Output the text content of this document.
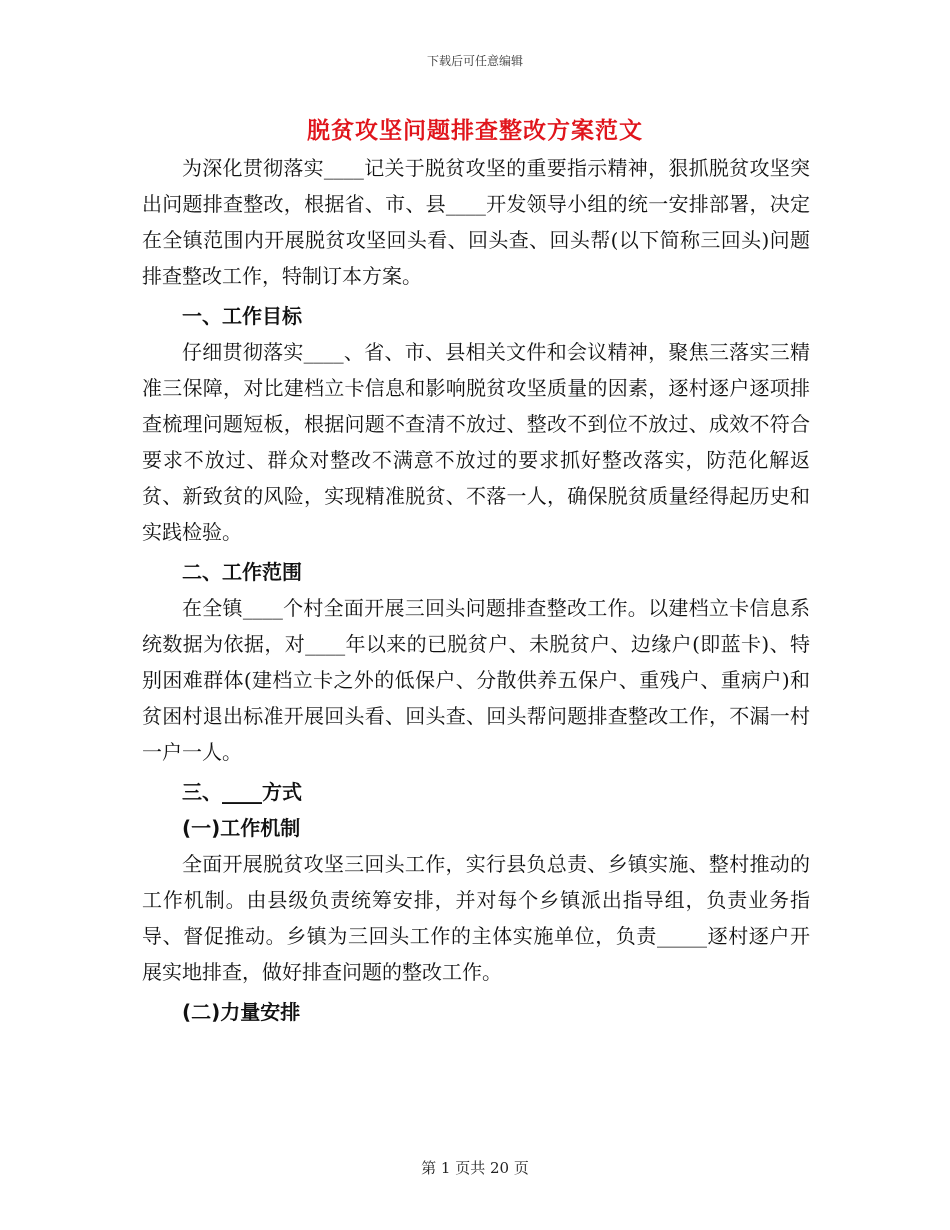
下载后可任意编辑
脱贫攻坚问题排查整改方案范文

为深化贯彻落实____记关于脱贫攻坚的重要指示精神，狠抓脱贫攻坚突出问题排查整改，根据省、市、县____开发领导小组的统一安排部署，决定在全镇范围内开展脱贫攻坚回头看、回头查、回头帮(以下简称三回头)问题排查整改工作，特制订本方案。

一、工作目标

仔细贯彻落实____、省、市、县相关文件和会议精神，聚焦三落实三精准三保障，对比建档立卡信息和影响脱贫攻坚质量的因素，逐村逐户逐项排查梳理问题短板，根据问题不查清不放过、整改不到位不放过、成效不符合要求不放过、群众对整改不满意不放过的要求抓好整改落实，防范化解返贫、新致贫的风险，实现精准脱贫、不落一人，确保脱贫质量经得起历史和实践检验。

二、工作范围

在全镇____个村全面开展三回头问题排查整改工作。以建档立卡信息系统数据为依据，对____年以来的已脱贫户、未脱贫户、边缘户(即蓝卡)、特别困难群体(建档立卡之外的低保户、分散供养五保户、重残户、重病户)和贫困村退出标准开展回头看、回头查、回头帮问题排查整改工作，不漏一村一户一人。

三、____方式

(一)工作机制

全面开展脱贫攻坚三回头工作，实行县负总责、乡镇实施、整村推动的工作机制。由县级负责统筹安排，并对每个乡镇派出指导组，负责业务指导、督促推动。乡镇为三回头工作的主体实施单位，负责_____逐村逐户开展实地排查，做好排查问题的整改工作。

(二)力量安排

第 1 页共 20 页
